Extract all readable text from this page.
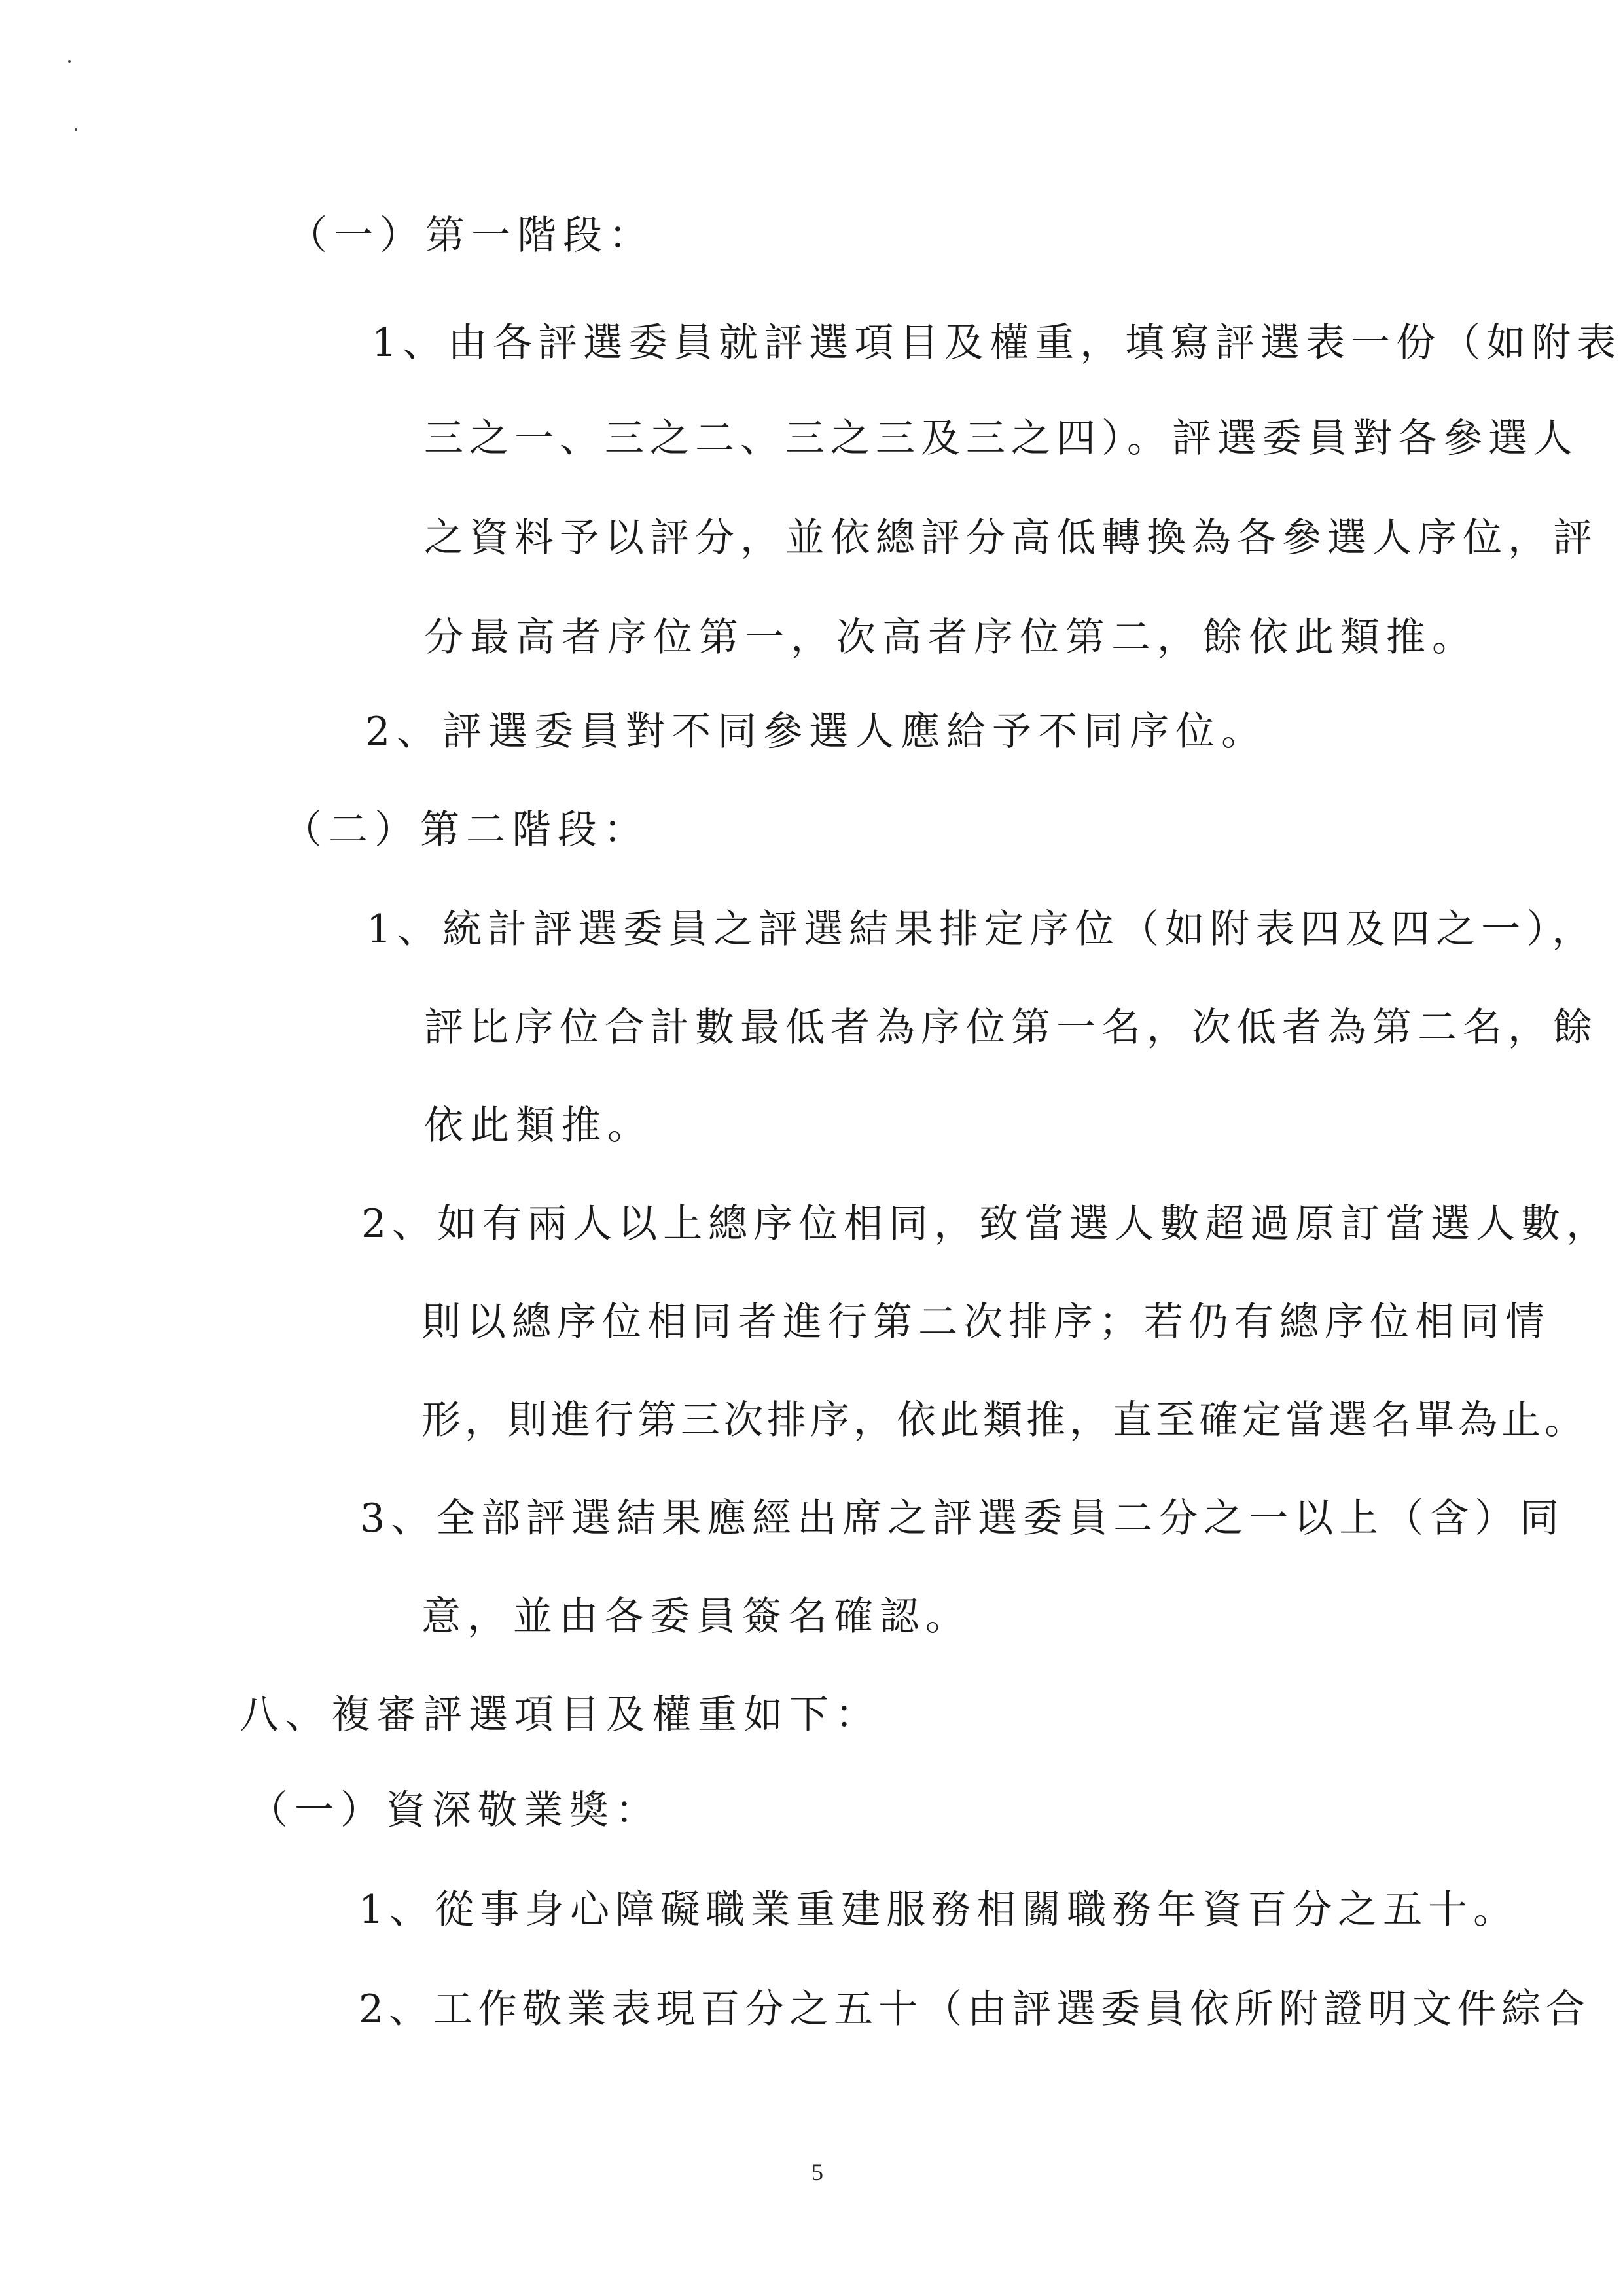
（一）第一階段：
1、由各評選委員就評選項目及權重，填寫評選表一份（如附表
三之一、三之二、三之三及三之四）。評選委員對各參選人
之資料予以評分，並依總評分高低轉換為各參選人序位，評
分最高者序位第一，次高者序位第二，餘依此類推。
2、評選委員對不同參選人應給予不同序位。
（二）第二階段：
1、統計評選委員之評選結果排定序位（如附表四及四之一），
評比序位合計數最低者為序位第一名，次低者為第二名，餘
依此類推。
2、如有兩人以上總序位相同，致當選人數超過原訂當選人數，
則以總序位相同者進行第二次排序；若仍有總序位相同情
形，則進行第三次排序，依此類推，直至確定當選名單為止。
3、全部評選結果應經出席之評選委員二分之一以上（含）同
意，並由各委員簽名確認。
八、複審評選項目及權重如下：
（一）資深敬業獎：
1、從事身心障礙職業重建服務相關職務年資百分之五十。
2、工作敬業表現百分之五十（由評選委員依所附證明文件綜合
5
